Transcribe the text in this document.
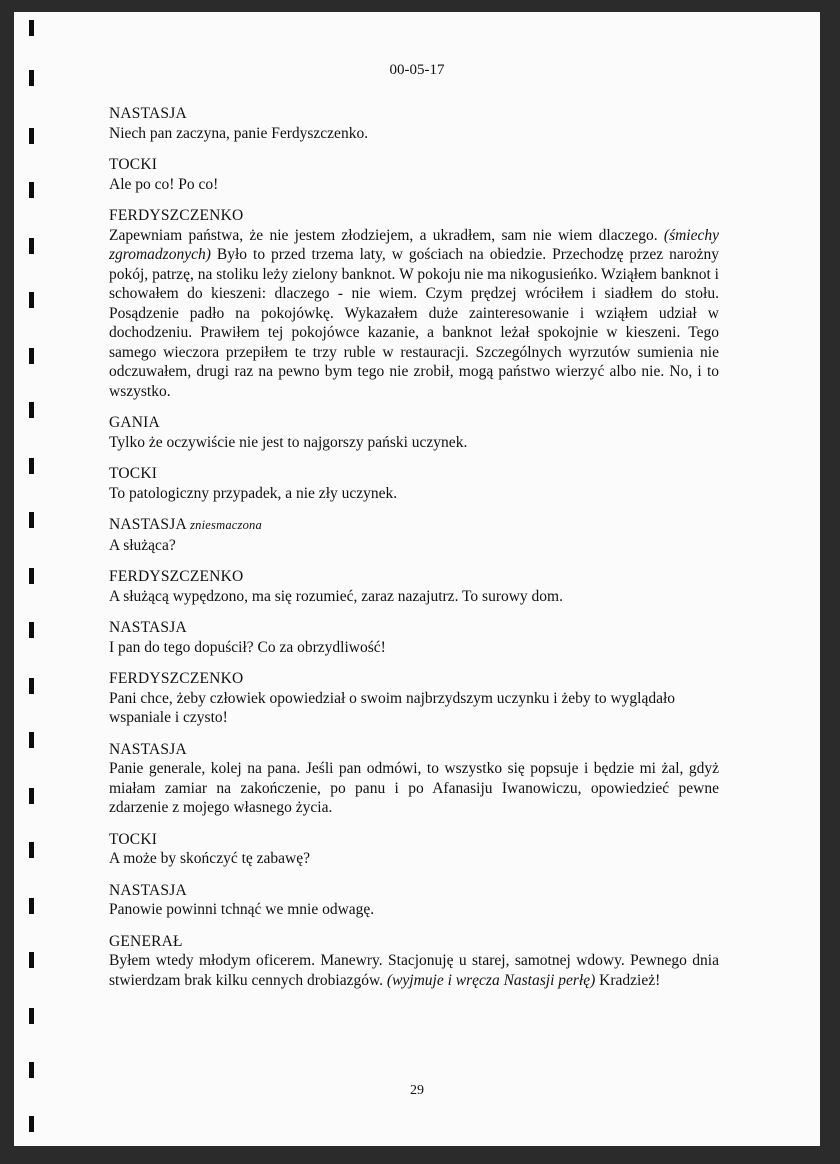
00-05-17
NASTASJA
Niech pan zaczyna, panie Ferdyszczenko.
TOCKI
Ale po co! Po co!
FERDYSZCZENKO
Zapewniam państwa, że nie jestem złodziejem, a ukradłem, sam nie wiem dlaczego. (śmiechy zgromadzonych) Było to przed trzema laty, w gościach na obiedzie. Przechodzę przez narożny pokój, patrzę, na stoliku leży zielony banknot. W pokoju nie ma nikogusieńko. Wziąłem banknot i schowałem do kieszeni: dlaczego - nie wiem. Czym prędzej wróciłem i siadłem do stołu. Posądzenie padło na pokojówkę. Wykazałem duże zainteresowanie i wziąłem udział w dochodzeniu. Prawiłem tej pokojówce kazanie, a banknot leżał spokojnie w kieszeni. Tego samego wieczora przepiłem te trzy ruble w restauracji. Szczególnych wyrzutów sumienia nie odczuwałem, drugi raz na pewno bym tego nie zrobił, mogą państwo wierzyć albo nie. No, i to wszystko.
GANIA
Tylko że oczywiście nie jest to najgorszy pański uczynek.
TOCKI
To patologiczny przypadek, a nie zły uczynek.
NASTASJA zniesmaczona
A służąca?
FERDYSZCZENKO
A służącą wypędzono, ma się rozumieć, zaraz nazajutrz. To surowy dom.
NASTASJA
I pan do tego dopuścił? Co za obrzydliwość!
FERDYSZCZENKO
Pani chce, żeby człowiek opowiedział o swoim najbrzydszym uczynku i żeby to wyglądało wspaniale i czysto!
NASTASJA
Panie generale, kolej na pana. Jeśli pan odmówi, to wszystko się popsuje i będzie mi żal, gdyż miałam zamiar na zakończenie, po panu i po Afanasiju Iwanowiczu, opowiedzieć pewne zdarzenie z mojego własnego życia.
TOCKI
A może by skończyć tę zabawę?
NASTASJA
Panowie powinni tchnąć we mnie odwagę.
GENERAŁ
Byłem wtedy młodym oficerem. Manewry. Stacjonuję u starej, samotnej wdowy. Pewnego dnia stwierdzam brak kilku cennych drobiazgów. (wyjmuje i wręcza Nastasji perłę) Kradzież!
29
